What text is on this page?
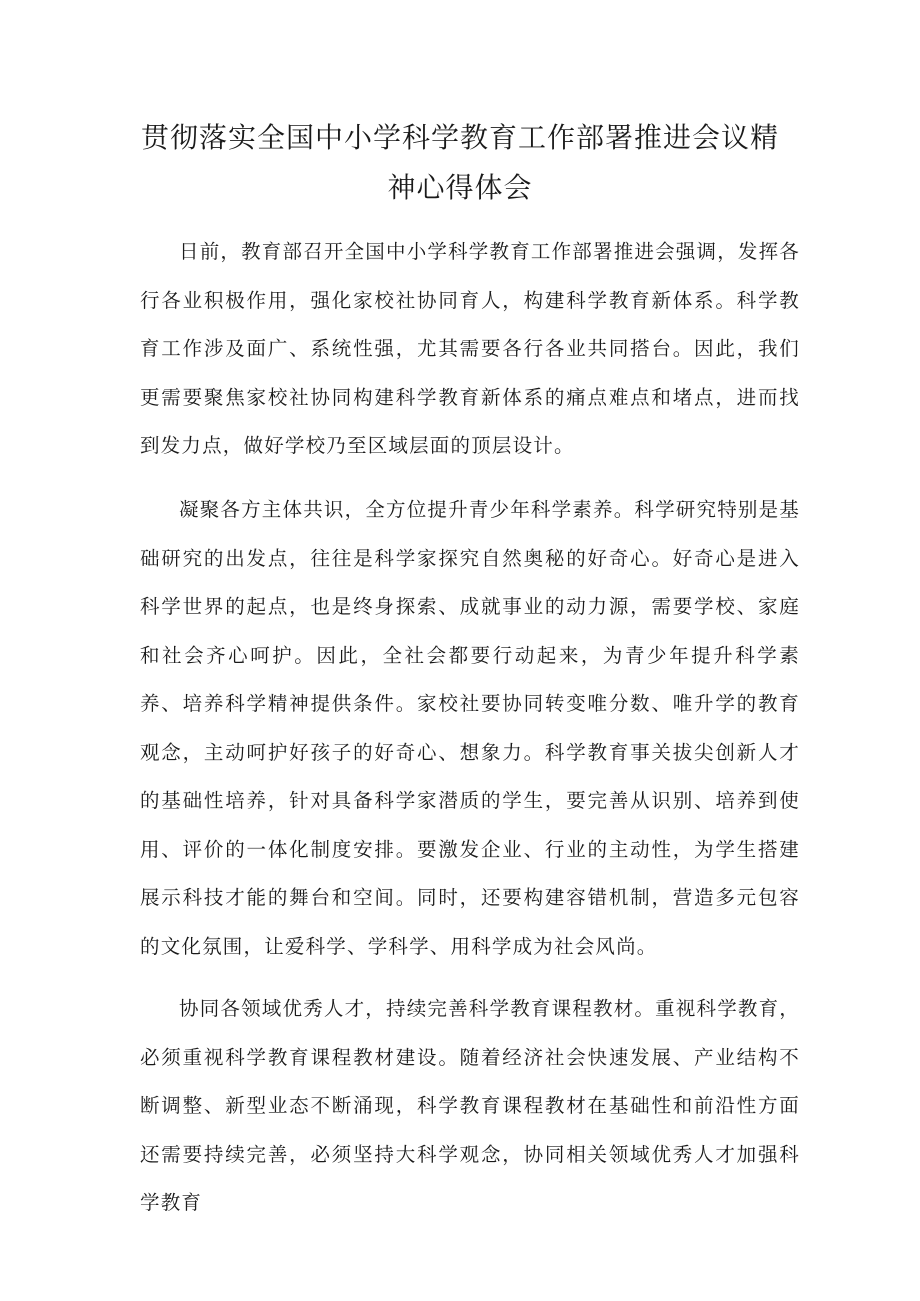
贯彻落实全国中小学科学教育工作部署推进会议精
神心得体会

日前，教育部召开全国中小学科学教育工作部署推进会强调，发挥各行各业积极作用，强化家校社协同育人，构建科学教育新体系。科学教育工作涉及面广、系统性强，尤其需要各行各业共同搭台。因此，我们更需要聚焦家校社协同构建科学教育新体系的痛点难点和堵点，进而找到发力点，做好学校乃至区域层面的顶层设计。

凝聚各方主体共识，全方位提升青少年科学素养。科学研究特别是基础研究的出发点，往往是科学家探究自然奥秘的好奇心。好奇心是进入科学世界的起点，也是终身探索、成就事业的动力源，需要学校、家庭和社会齐心呵护。因此，全社会都要行动起来，为青少年提升科学素养、培养科学精神提供条件。家校社要协同转变唯分数、唯升学的教育观念，主动呵护好孩子的好奇心、想象力。科学教育事关拔尖创新人才的基础性培养，针对具备科学家潜质的学生，要完善从识别、培养到使用、评价的一体化制度安排。要激发企业、行业的主动性，为学生搭建展示科技才能的舞台和空间。同时，还要构建容错机制，营造多元包容的文化氛围，让爱科学、学科学、用科学成为社会风尚。

协同各领域优秀人才，持续完善科学教育课程教材。重视科学教育，必须重视科学教育课程教材建设。随着经济社会快速发展、产业结构不断调整、新型业态不断涌现，科学教育课程教材在基础性和前沿性方面还需要持续完善，必须坚持大科学观念，协同相关领域优秀人才加强科学教育
